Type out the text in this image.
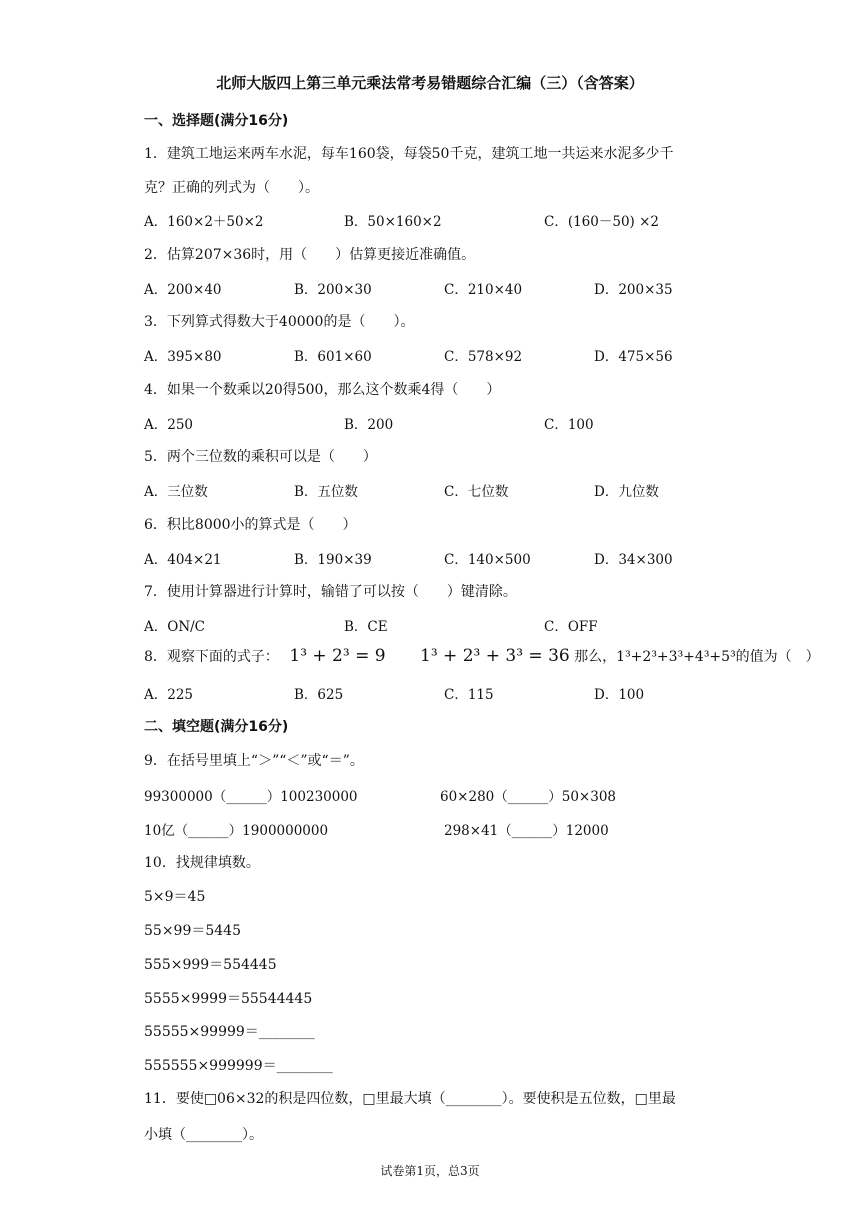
北师大版四上第三单元乘法常考易错题综合汇编（三）（含答案）
一、选择题(满分16分)
1．建筑工地运来两车水泥，每车160袋，每袋50千克，建筑工地一共运来水泥多少千
克？正确的列式为（　　）。
A．160×2＋50×2	B．50×160×2	C．(160－50) ×2
2．估算207×36时，用（　　）估算更接近准确值。
A．200×40	B．200×30	C．210×40	D．200×35
3．下列算式得数大于40000的是（　　）。
A．395×80	B．601×60	C．578×92	D．475×56
4．如果一个数乘以20得500，那么这个数乘4得（　　）
A．250	B．200	C．100
5．两个三位数的乘积可以是（　　）
A．三位数	B．五位数	C．七位数	D．九位数
6．积比8000小的算式是（　　）
A．404×21	B．190×39	C．140×500	D．34×300
7．使用计算器进行计算时，输错了可以按（　　）键清除。
A．ON/C	B．CE	C．OFF
8．观察下面的式子： 1³ + 2³ = 9 1³ + 2³ + 3³ = 36 那么，1³+2³+3³+4³+5³的值为（　）
A．225	B．625	C．115	D．100
二、填空题(满分16分)
9．在括号里填上“＞”“＜”或“＝”。
99300000（______）100230000	60×280（______）50×308
10亿（______）1900000000	298×41（______）12000
10．找规律填数。
5×9＝45
55×99＝5445
555×999＝554445
5555×9999＝55544445
55555×99999＝________
555555×999999＝________
11．要使□06×32的积是四位数，□里最大填（________）。要使积是五位数，□里最
小填（________）。
试卷第1页，总3页
